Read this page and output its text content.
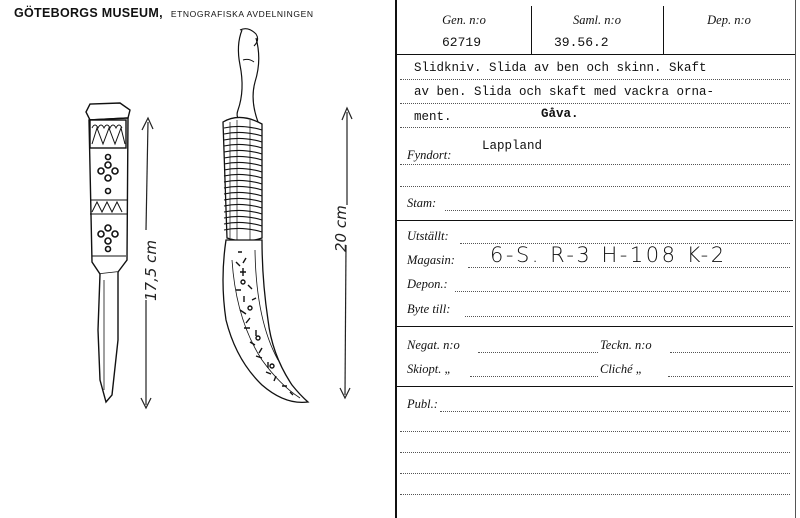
GÖTEBORGS MUSEUM, ETNOGRAFISKA AVDELNINGEN
17,5 cm
20 cm
Gen. n:o
62719
Saml. n:o
39.56.2
Dep. n:o
Slidkniv. Slida av ben och skinn. Skaft
av ben. Slida och skaft med vackra orna-
ment.	Gåva.
Fyndort:
Lappland
Stam:
Utställt:
Magasin: 6-S. R-3 H-108 K-2
Depon.:
Byte till:
Negat. n:o	Teckn. n:o
Skiopt. „	Cliché „
Publ.:
